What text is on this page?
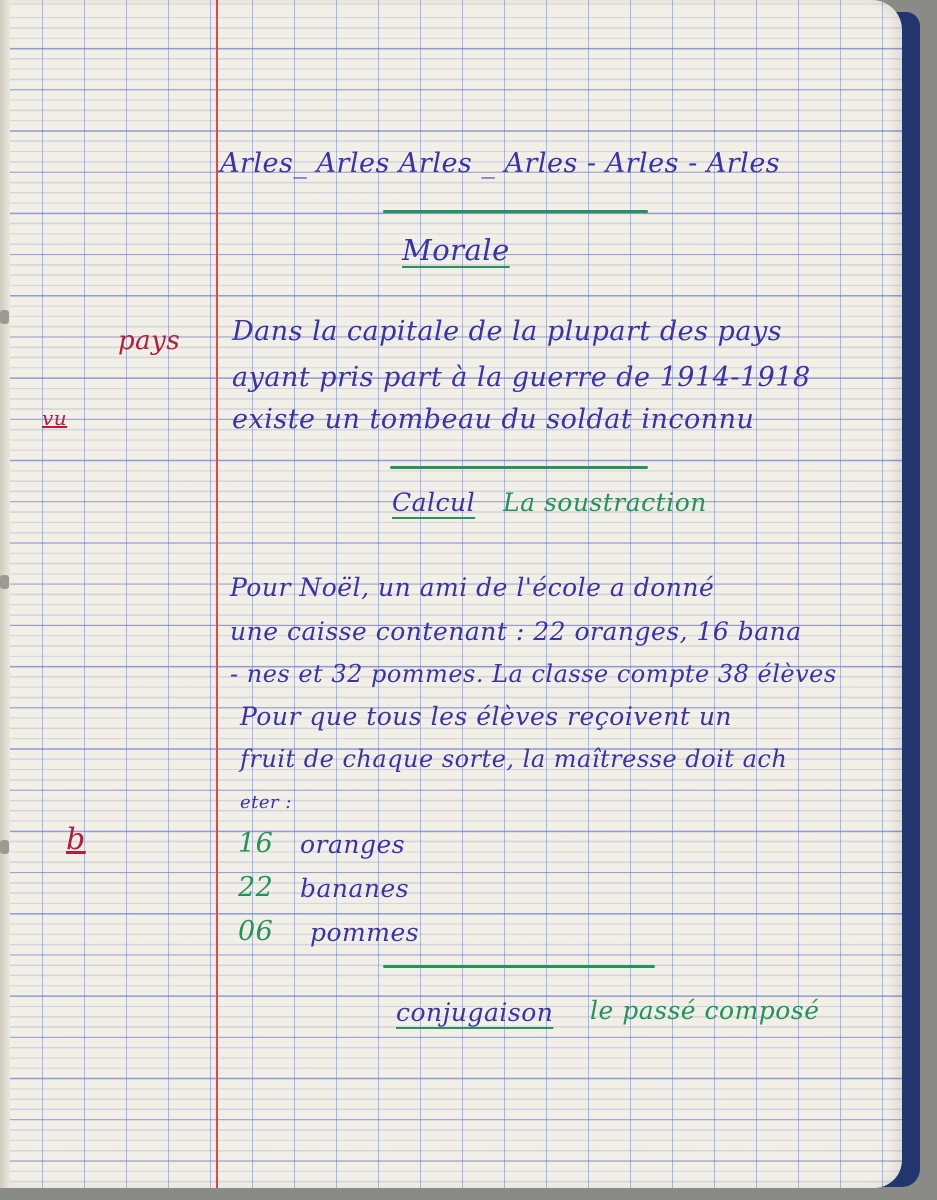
Arles_ Arles Arles _ Arles - Arles - Arles

Morale

pays

vu

Dans la capitale de la plupart des pays

ayant pris part à la guerre de 1914-1918

existe un tombeau du soldat inconnu

Calcul La soustraction

Pour Noël, un ami de l'école a donné

une caisse contenant : 22 oranges, 16 bana

- nes et 32 pommes. La classe compte 38 élèves

Pour que tous les élèves reçoivent un

fruit de chaque sorte, la maîtresse doit ach

eter :

b	16 oranges

22 bananes

06 pommes

conjugaison le passé composé
